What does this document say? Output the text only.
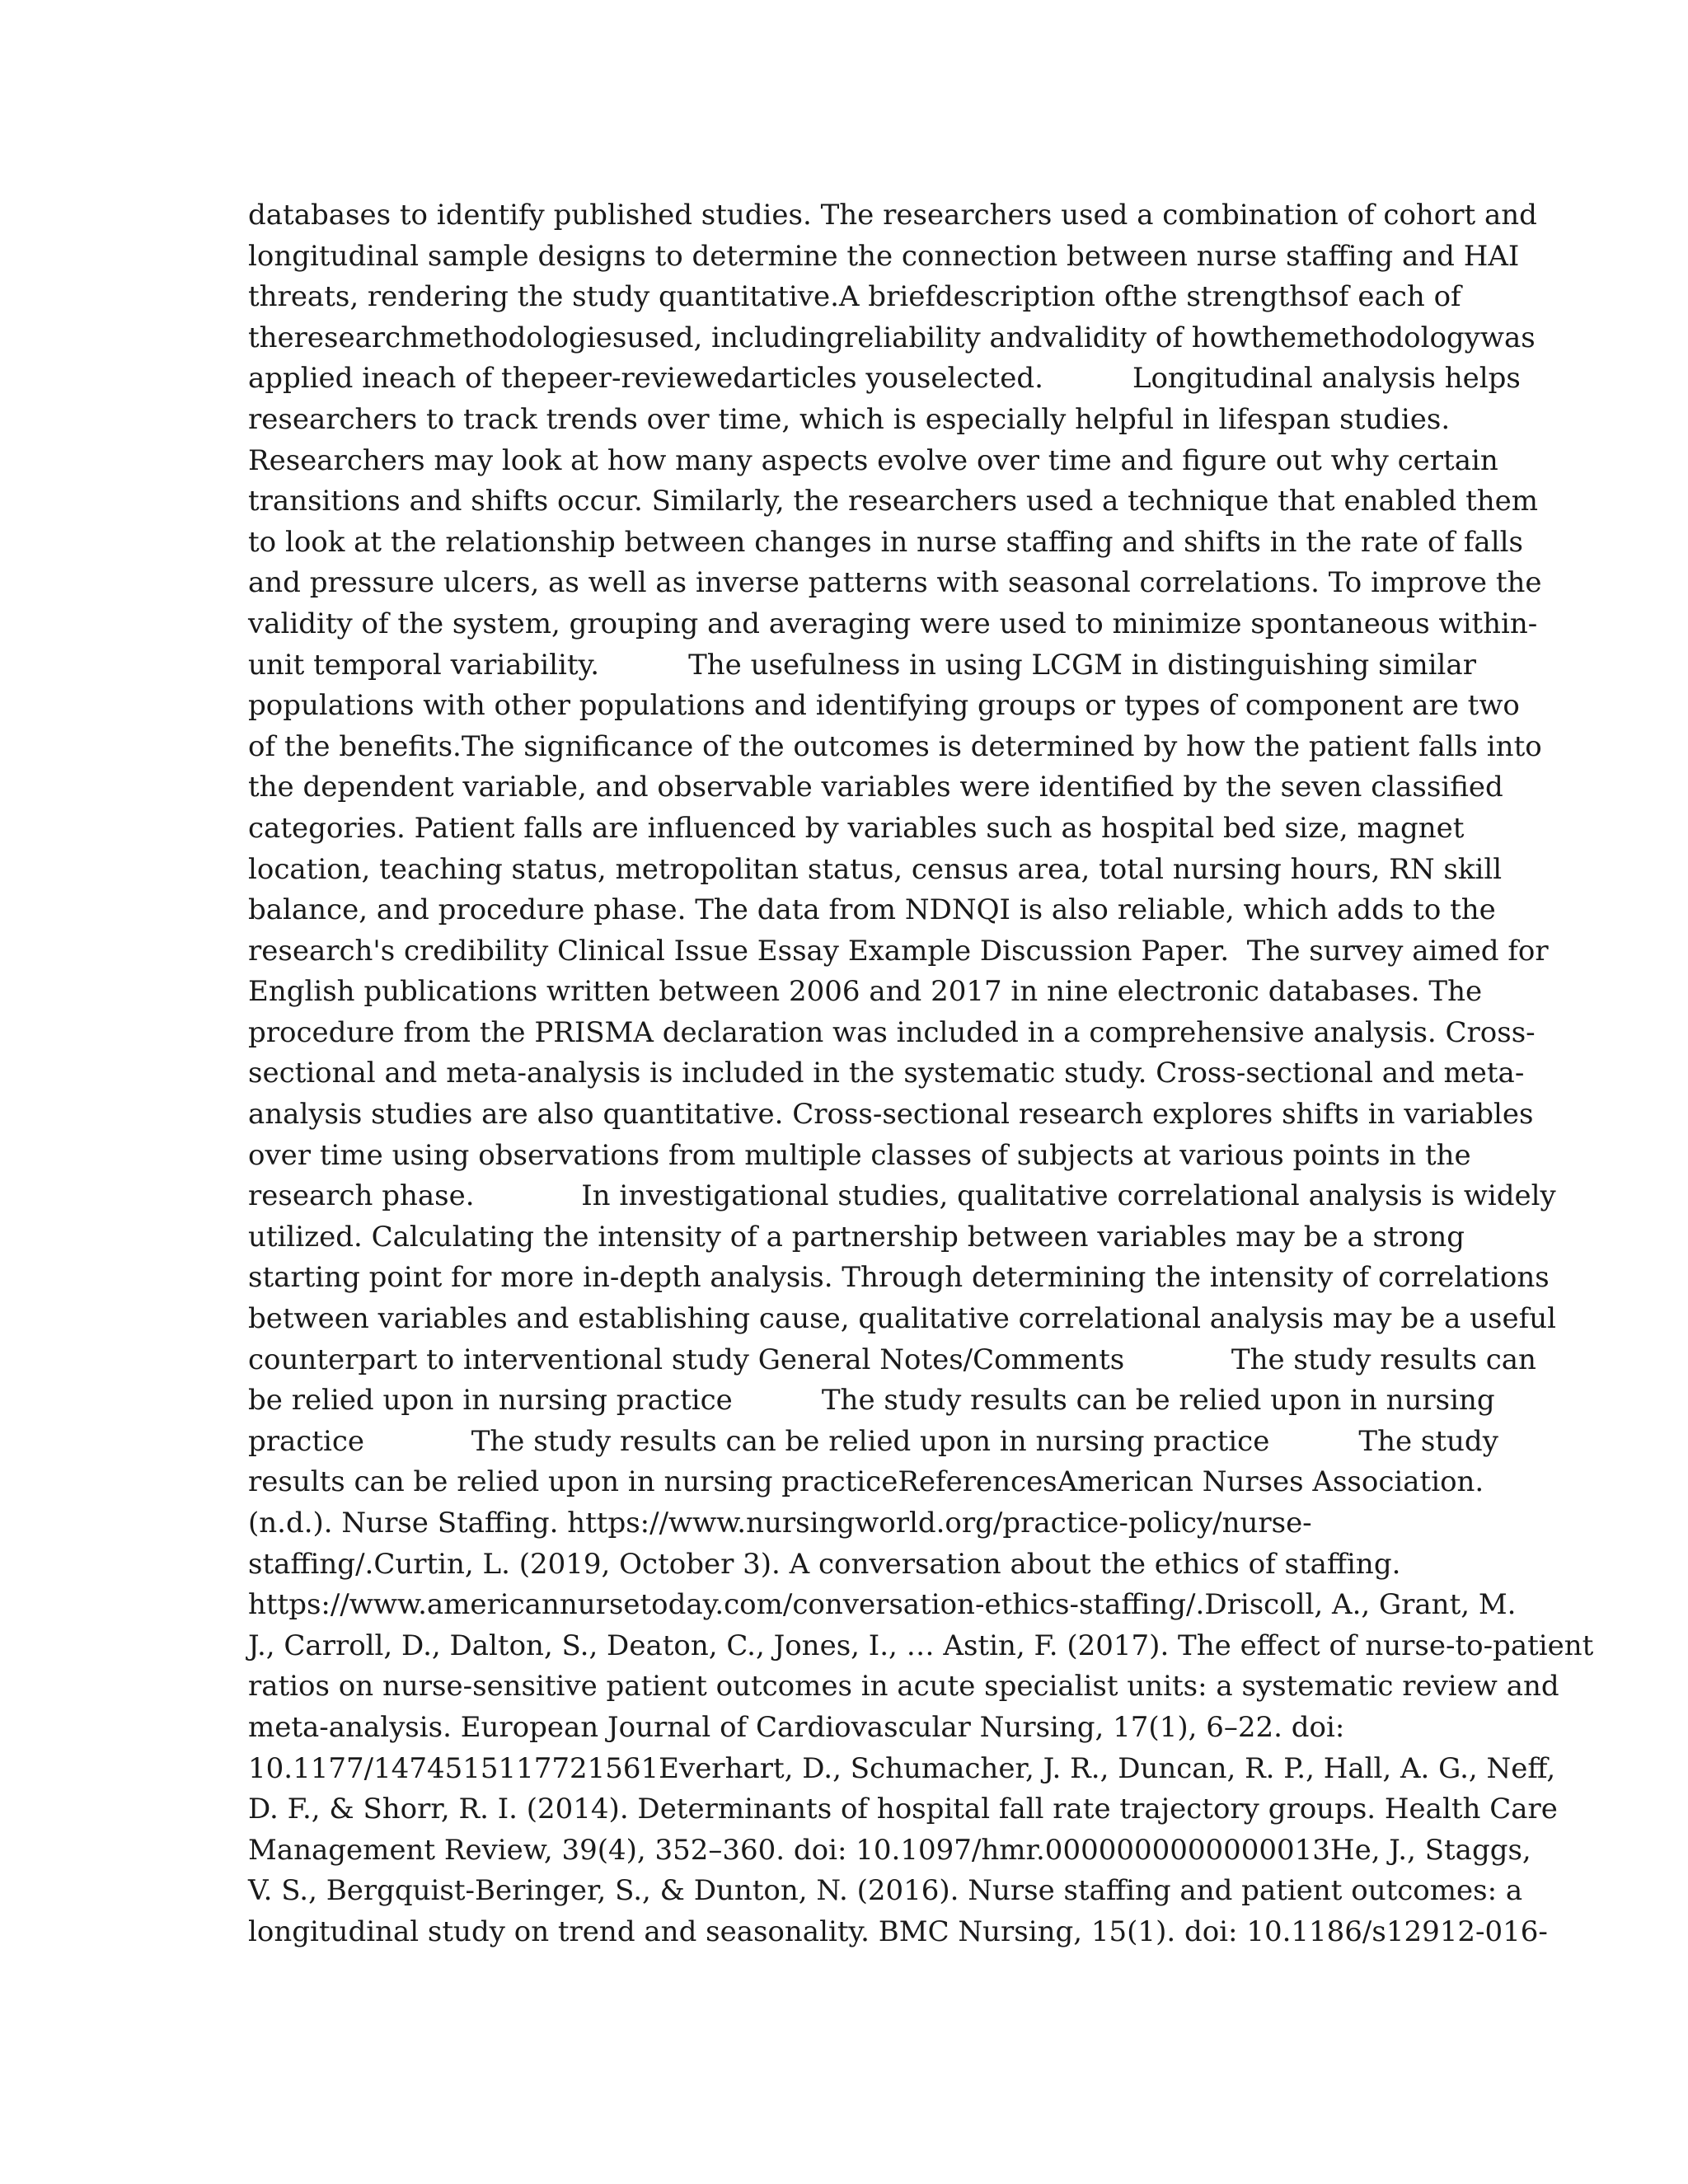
databases to identify published studies. The researchers used a combination of cohort and
longitudinal sample designs to determine the connection between nurse staffing and HAI
threats, rendering the study quantitative.A briefdescription ofthe strengthsof each of
theresearchmethodologiesused, includingreliability andvalidity of howthemethodologywas
applied ineach of thepeer-reviewedarticles youselected.          Longitudinal analysis helps
researchers to track trends over time, which is especially helpful in lifespan studies.
Researchers may look at how many aspects evolve over time and figure out why certain
transitions and shifts occur. Similarly, the researchers used a technique that enabled them
to look at the relationship between changes in nurse staffing and shifts in the rate of falls
and pressure ulcers, as well as inverse patterns with seasonal correlations. To improve the
validity of the system, grouping and averaging were used to minimize spontaneous within-
unit temporal variability.          The usefulness in using LCGM in distinguishing similar
populations with other populations and identifying groups or types of component are two
of the benefits.The significance of the outcomes is determined by how the patient falls into
the dependent variable, and observable variables were identified by the seven classified
categories. Patient falls are influenced by variables such as hospital bed size, magnet
location, teaching status, metropolitan status, census area, total nursing hours, RN skill
balance, and procedure phase. The data from NDNQI is also reliable, which adds to the
research's credibility Clinical Issue Essay Example Discussion Paper.  The survey aimed for
English publications written between 2006 and 2017 in nine electronic databases. The
procedure from the PRISMA declaration was included in a comprehensive analysis. Cross-
sectional and meta-analysis is included in the systematic study. Cross-sectional and meta-
analysis studies are also quantitative. Cross-sectional research explores shifts in variables
over time using observations from multiple classes of subjects at various points in the
research phase.            In investigational studies, qualitative correlational analysis is widely
utilized. Calculating the intensity of a partnership between variables may be a strong
starting point for more in-depth analysis. Through determining the intensity of correlations
between variables and establishing cause, qualitative correlational analysis may be a useful
counterpart to interventional study General Notes/Comments            The study results can
be relied upon in nursing practice          The study results can be relied upon in nursing
practice            The study results can be relied upon in nursing practice          The study
results can be relied upon in nursing practiceReferencesAmerican Nurses Association.
(n.d.). Nurse Staffing. https://www.nursingworld.org/practice-policy/nurse-
staffing/.Curtin, L. (2019, October 3). A conversation about the ethics of staffing.
https://www.americannursetoday.com/conversation-ethics-staffing/.Driscoll, A., Grant, M.
J., Carroll, D., Dalton, S., Deaton, C., Jones, I., … Astin, F. (2017). The effect of nurse-to-patient
ratios on nurse-sensitive patient outcomes in acute specialist units: a systematic review and
meta-analysis. European Journal of Cardiovascular Nursing, 17(1), 6–22. doi:
10.1177/1474515117721561Everhart, D., Schumacher, J. R., Duncan, R. P., Hall, A. G., Neff,
D. F., & Shorr, R. I. (2014). Determinants of hospital fall rate trajectory groups. Health Care
Management Review, 39(4), 352–360. doi: 10.1097/hmr.0000000000000013He, J., Staggs,
V. S., Bergquist-Beringer, S., & Dunton, N. (2016). Nurse staffing and patient outcomes: a
longitudinal study on trend and seasonality. BMC Nursing, 15(1). doi: 10.1186/s12912-016-
